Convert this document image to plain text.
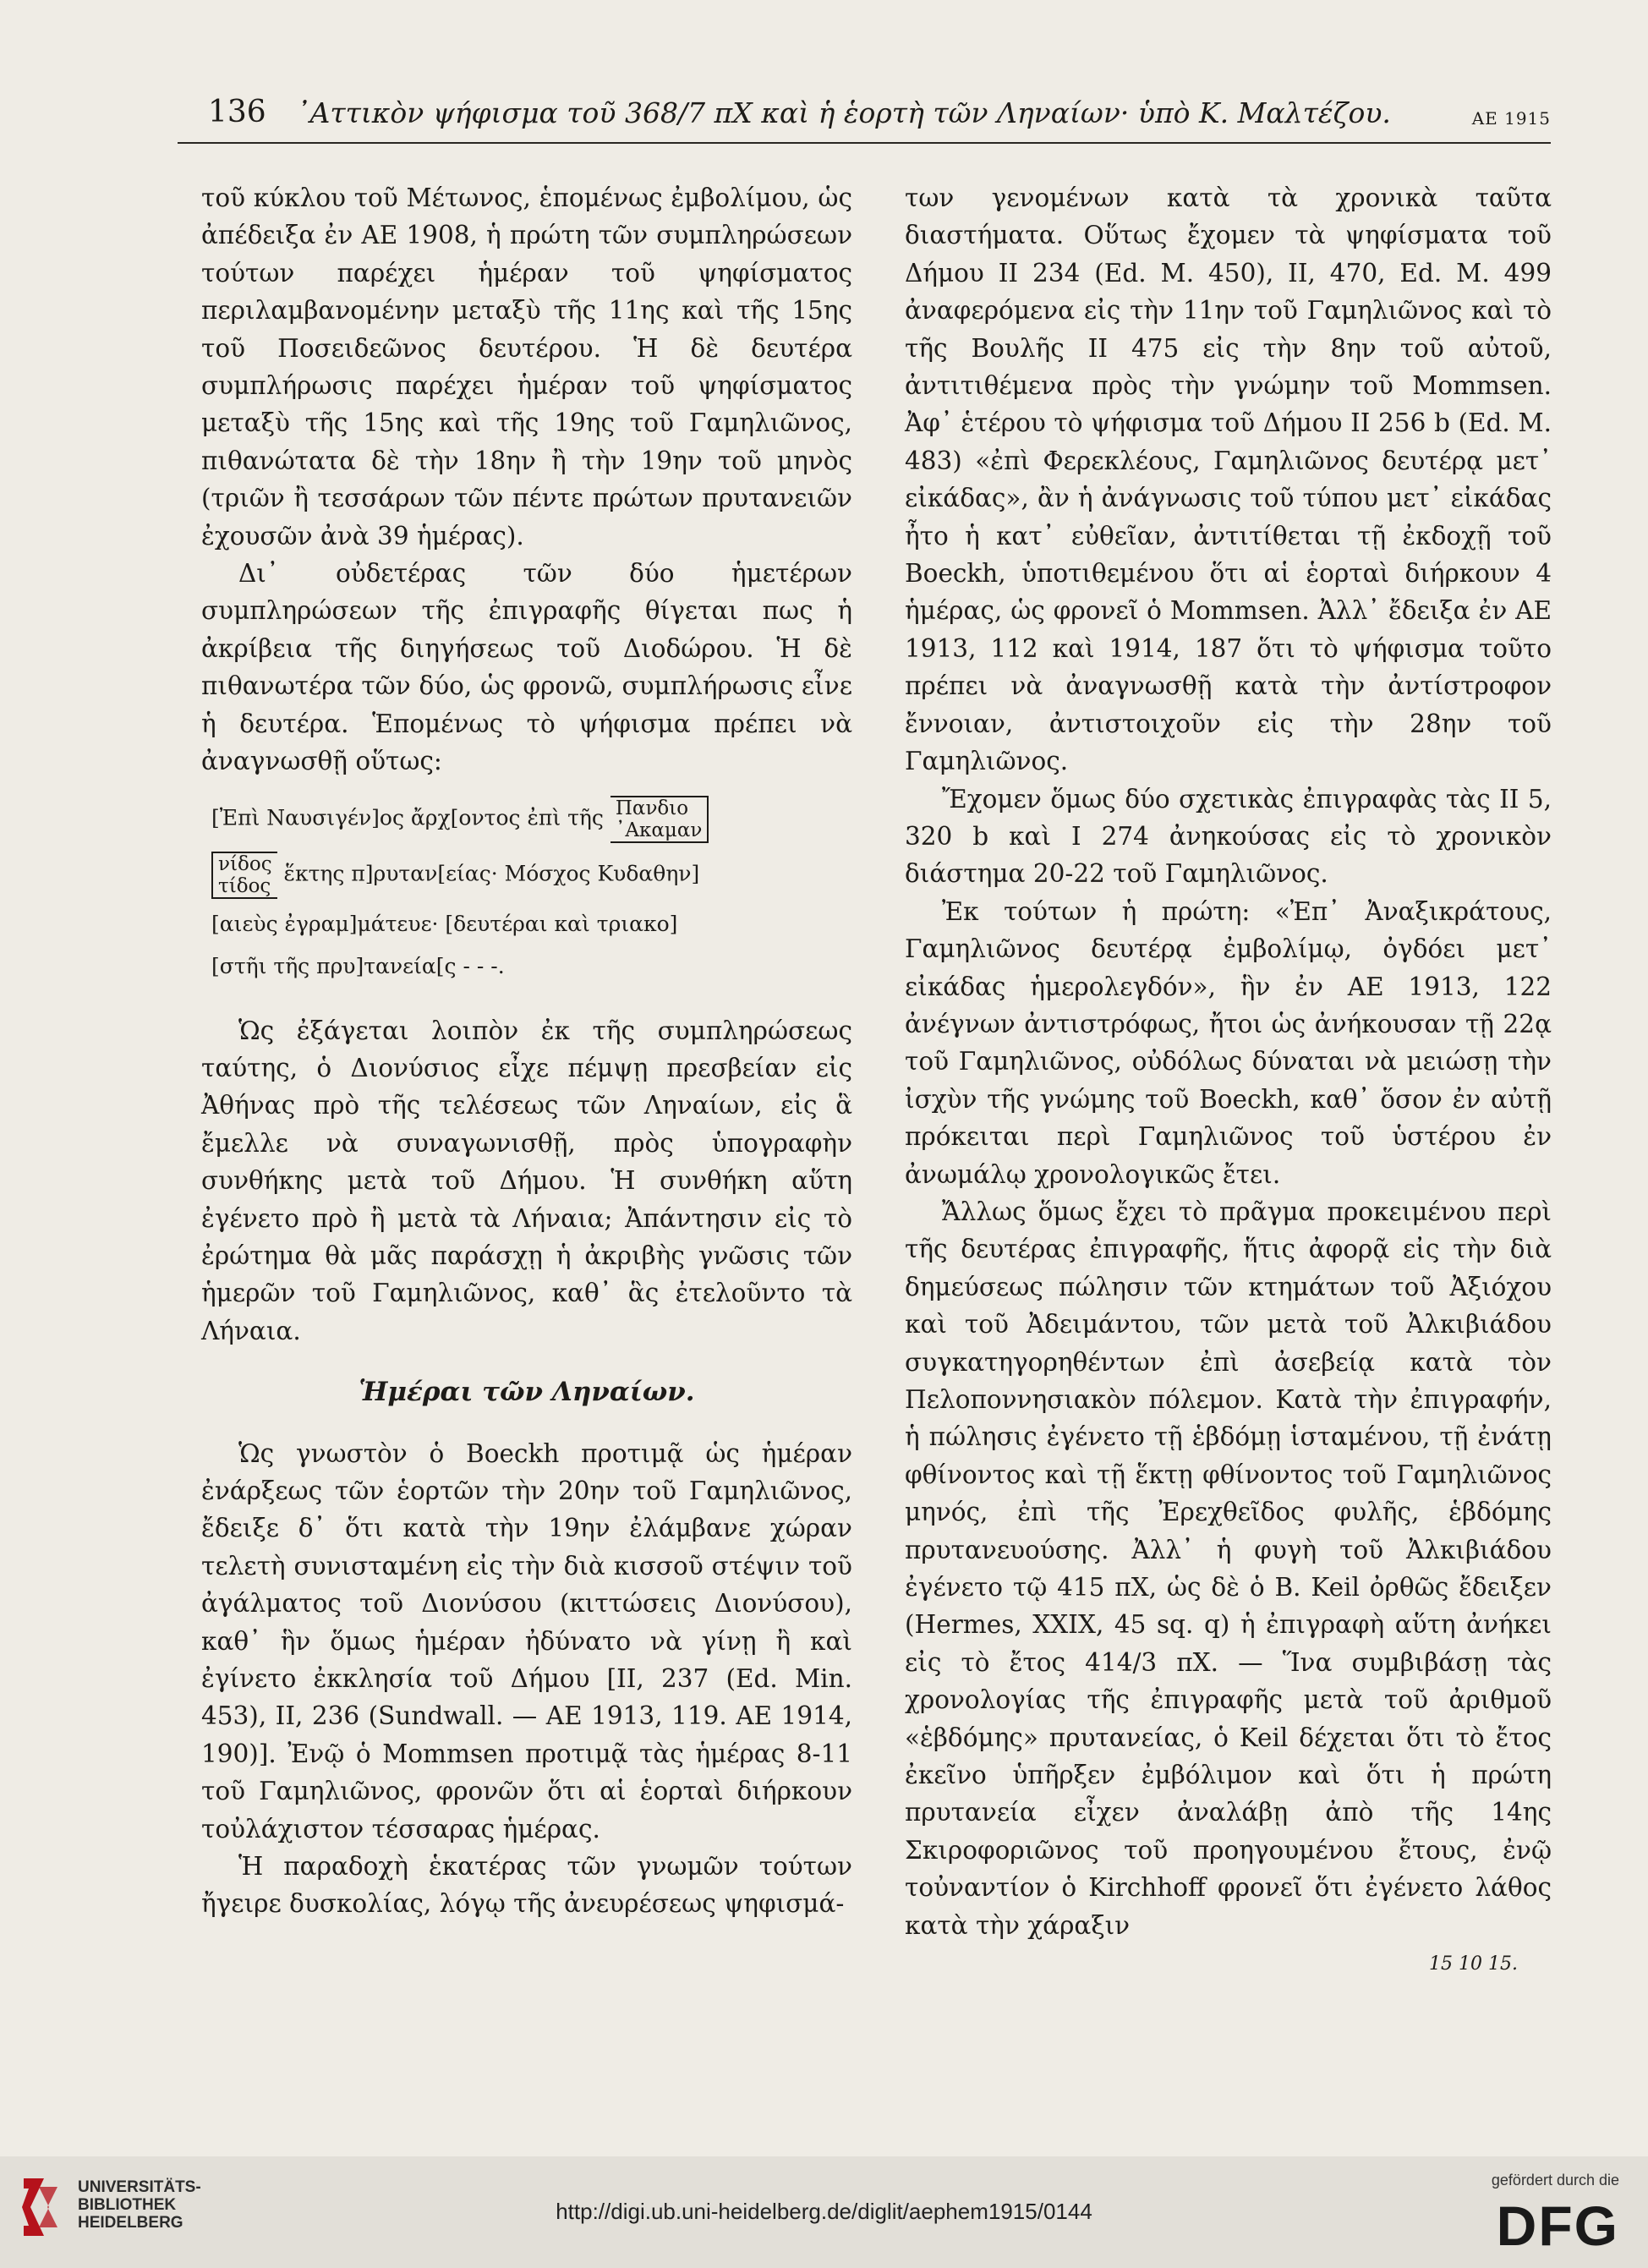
136 ᾿Αττικὸν ψήφισμα τοῦ 368/7 πΧ καὶ ἡ ἑορτὴ τῶν Ληναίων· ὑπὸ Κ. Μαλτέζου.	ΑΕ 1915

τοῦ κύκλου τοῦ Μέτωνος, ἑπομένως ἐμβολίμου, ὡς ἀπέδειξα ἐν ΑΕ 1908, ἡ πρώτη τῶν συμπληρώσεων τούτων παρέχει ἡμέραν τοῦ ψηφίσματος περιλαμβανομένην μεταξὺ τῆς 11ης καὶ τῆς 15ης τοῦ Ποσειδεῶνος δευτέρου. Ἡ δὲ δευτέρα συμπλήρωσις παρέχει ἡμέραν τοῦ ψηφίσματος μεταξὺ τῆς 15ης καὶ τῆς 19ης τοῦ Γαμηλιῶνος, πιθανώτατα δὲ τὴν 18ην ἢ τὴν 19ην τοῦ μηνὸς (τριῶν ἢ τεσσάρων τῶν πέντε πρώτων πρυτανειῶν ἐχουσῶν ἀνὰ 39 ἡμέρας).

Δι᾿ οὐδετέρας τῶν δύο ἡμετέρων συμπληρώσεων τῆς ἐπιγραφῆς θίγεται πως ἡ ἀκρίβεια τῆς διηγήσεως τοῦ Διοδώρου. Ἡ δὲ πιθανωτέρα τῶν δύο, ὡς φρονῶ, συμπλήρωσις εἶνε ἡ δευτέρα. Ἑπομένως τὸ ψήφισμα πρέπει νὰ ἀναγνωσθῇ οὕτως:

[Ἐπὶ Ναυσιγέν]ος ἄρχ[οντος ἐπὶ τῆς Πανδιο
᾿Ακαμαν
νίδος
τίδος
ἕκτης π]ρυταν[είας· Μόσχος Κυδαθην]
[αιεὺς ἐγραμ]μάτευε· [δευτέραι καὶ τριακο]
[στῆι τῆς πρυ]τανεία[ς - - -.

Ὡς ἐξάγεται λοιπὸν ἐκ τῆς συμπληρώσεως ταύτης, ὁ Διονύσιος εἶχε πέμψῃ πρεσβείαν εἰς Ἀθήνας πρὸ τῆς τελέσεως τῶν Ληναίων, εἰς ἃ ἔμελλε νὰ συναγωνισθῇ, πρὸς ὑπογραφὴν συνθήκης μετὰ τοῦ Δήμου. Ἡ συνθήκη αὕτη ἐγένετο πρὸ ἢ μετὰ τὰ Λήναια; Ἀπάντησιν εἰς τὸ ἐρώτημα θὰ μᾶς παράσχῃ ἡ ἀκριβὴς γνῶσις τῶν ἡμερῶν τοῦ Γαμηλιῶνος, καθ᾿ ἃς ἐτελοῦντο τὰ Λήναια.

Ἡμέραι τῶν Ληναίων.

Ὡς γνωστὸν ὁ Boeckh προτιμᾷ ὡς ἡμέραν ἐνάρξεως τῶν ἑορτῶν τὴν 20ην τοῦ Γαμηλιῶνος, ἔδειξε δ᾿ ὅτι κατὰ τὴν 19ην ἐλάμβανε χώραν τελετὴ συνισταμένη εἰς τὴν διὰ κισσοῦ στέψιν τοῦ ἀγάλματος τοῦ Διονύσου (κιττώσεις Διονύσου), καθ᾿ ἣν ὅμως ἡμέραν ἠδύνατο νὰ γίνῃ ἢ καὶ ἐγίνετο ἐκκλησία τοῦ Δήμου [ΙΙ, 237 (Ed. Min. 453), ΙΙ, 236 (Sundwall. — ΑΕ 1913, 119. ΑΕ 1914, 190)]. Ἐνῷ ὁ Mommsen προτιμᾷ τὰς ἡμέρας 8-11 τοῦ Γαμηλιῶνος, φρονῶν ὅτι αἱ ἑορταὶ διήρκουν τοὐλάχιστον τέσσαρας ἡμέρας.

Ἡ παραδοχὴ ἑκατέρας τῶν γνωμῶν τούτων ἤγειρε δυσκολίας, λόγῳ τῆς ἀνευρέσεως ψηφισμά-

των γενομένων κατὰ τὰ χρονικὰ ταῦτα διαστήματα. Οὕτως ἔχομεν τὰ ψηφίσματα τοῦ Δήμου ΙΙ 234 (Ed. M. 450), ΙΙ, 470, Ed. M. 499 ἀναφερόμενα εἰς τὴν 11ην τοῦ Γαμηλιῶνος καὶ τὸ τῆς Βουλῆς ΙΙ 475 εἰς τὴν 8ην τοῦ αὐτοῦ, ἀντιτιθέμενα πρὸς τὴν γνώμην τοῦ Mommsen. Ἀφ᾿ ἑτέρου τὸ ψήφισμα τοῦ Δήμου ΙΙ 256 b (Ed. M. 483) «ἐπὶ Φερεκλέους, Γαμηλιῶνος δευτέρᾳ μετ᾿ εἰκάδας», ἂν ἡ ἀνάγνωσις τοῦ τύπου μετ᾿ εἰκάδας ἦτο ἡ κατ᾿ εὐθεῖαν, ἀντιτίθεται τῇ ἐκδοχῇ τοῦ Boeckh, ὑποτιθεμένου ὅτι αἱ ἑορταὶ διήρκουν 4 ἡμέρας, ὡς φρονεῖ ὁ Mommsen. Ἀλλ᾿ ἔδειξα ἐν ΑΕ 1913, 112 καὶ 1914, 187 ὅτι τὸ ψήφισμα τοῦτο πρέπει νὰ ἀναγνωσθῇ κατὰ τὴν ἀντίστροφον ἔννοιαν, ἀντιστοιχοῦν εἰς τὴν 28ην τοῦ Γαμηλιῶνος.

Ἔχομεν ὅμως δύο σχετικὰς ἐπιγραφὰς τὰς ΙΙ 5, 320 b καὶ Ι 274 ἀνηκούσας εἰς τὸ χρονικὸν διάστημα 20-22 τοῦ Γαμηλιῶνος.

Ἐκ τούτων ἡ πρώτη: «Ἐπ᾿ Ἀναξικράτους, Γαμηλιῶνος δευτέρᾳ ἐμβολίμῳ, ὀγδόει μετ᾿ εἰκάδας ἡμερολεγδόν», ἣν ἐν ΑΕ 1913, 122 ἀνέγνων ἀντιστρόφως, ἤτοι ὡς ἀνήκουσαν τῇ 22ᾳ τοῦ Γαμηλιῶνος, οὐδόλως δύναται νὰ μειώσῃ τὴν ἰσχὺν τῆς γνώμης τοῦ Boeckh, καθ᾿ ὅσον ἐν αὐτῇ πρόκειται περὶ Γαμηλιῶνος τοῦ ὑστέρου ἐν ἀνωμάλῳ χρονολογικῶς ἔτει.

Ἄλλως ὅμως ἔχει τὸ πρᾶγμα προκειμένου περὶ τῆς δευτέρας ἐπιγραφῆς, ἥτις ἀφορᾷ εἰς τὴν διὰ δημεύσεως πώλησιν τῶν κτημάτων τοῦ Ἀξιόχου καὶ τοῦ Ἀδειμάντου, τῶν μετὰ τοῦ Ἀλκιβιάδου συγκατηγορηθέντων ἐπὶ ἀσεβείᾳ κατὰ τὸν Πελοποννησιακὸν πόλεμον. Κατὰ τὴν ἐπιγραφήν, ἡ πώλησις ἐγένετο τῇ ἑβδόμῃ ἱσταμένου, τῇ ἐνάτῃ φθίνοντος καὶ τῇ ἕκτῃ φθίνοντος τοῦ Γαμηλιῶνος μηνός, ἐπὶ τῆς Ἐρεχθεῖδος φυλῆς, ἑβδόμης πρυτανευούσης. Ἀλλ᾿ ἡ φυγὴ τοῦ Ἀλκιβιάδου ἐγένετο τῷ 415 πΧ, ὡς δὲ ὁ Β. Keil ὀρθῶς ἔδειξεν (Hermes, XXIX, 45 sq. q) ἡ ἐπιγραφὴ αὕτη ἀνήκει εἰς τὸ ἔτος 414/3 πΧ. — Ἵνα συμβιβάσῃ τὰς χρονολογίας τῆς ἐπιγραφῆς μετὰ τοῦ ἀριθμοῦ «ἑβδόμης» πρυτανείας, ὁ Keil δέχεται ὅτι τὸ ἔτος ἐκεῖνο ὑπῆρξεν ἐμβόλιμον καὶ ὅτι ἡ πρώτη πρυτανεία εἶχεν ἀναλάβῃ ἀπὸ τῆς 14ης Σκιροφοριῶνος τοῦ προηγουμένου ἔτους, ἐνῷ τοὐναντίον ὁ Kirchhoff φρονεῖ ὅτι ἐγένετο λάθος κατὰ τὴν χάραξιν

15 10 15.

UNIVERSITÄTS-BIBLIOTHEK HEIDELBERG	http://digi.ub.uni-heidelberg.de/diglit/aephem1915/0144
gefördert durch die
DFG
